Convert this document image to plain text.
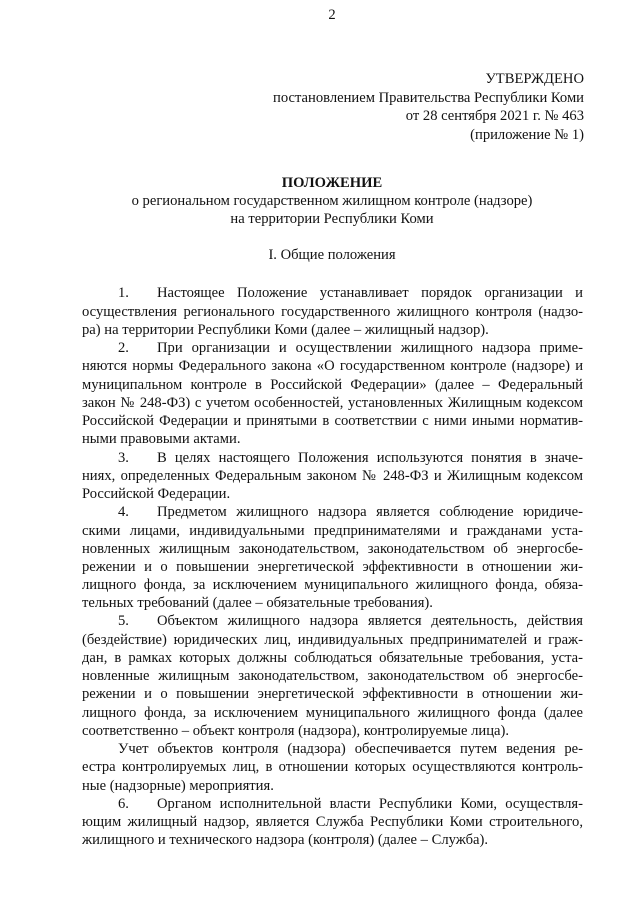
2
УТВЕРЖДЕНО
постановлением Правительства Республики Коми
от 28 сентября 2021 г. № 463
(приложение № 1)
ПОЛОЖЕНИЕ
о региональном государственном жилищном контроле (надзоре)
на территории Республики Коми
I. Общие положения
1. Настоящее Положение устанавливает порядок организации и
осуществления регионального государственного жилищного контроля (надзо-
ра) на территории Республики Коми (далее – жилищный надзор).
2. При организации и осуществлении жилищного надзора приме-
няются нормы Федерального закона «О государственном контроле (надзоре) и
муниципальном контроле в Российской Федерации» (далее – Федеральный
закон № 248-ФЗ) с учетом особенностей, установленных Жилищным кодексом
Российской Федерации и принятыми в соответствии с ними иными норматив-
ными правовыми актами.
3. В целях настоящего Положения используются понятия в значе-
ниях, определенных Федеральным законом № 248-ФЗ и Жилищным кодексом
Российской Федерации.
4. Предметом жилищного надзора является соблюдение юридиче-
скими лицами, индивидуальными предпринимателями и гражданами уста-
новленных жилищным законодательством, законодательством об энергосбе-
режении и о повышении энергетической эффективности в отношении жи-
лищного фонда, за исключением муниципального жилищного фонда, обяза-
тельных требований (далее – обязательные требования).
5. Объектом жилищного надзора является деятельность, действия
(бездействие) юридических лиц, индивидуальных предпринимателей и граж-
дан, в рамках которых должны соблюдаться обязательные требования, уста-
новленные жилищным законодательством, законодательством об энергосбе-
режении и о повышении энергетической эффективности в отношении жи-
лищного фонда, за исключением муниципального жилищного фонда (далее
соответственно – объект контроля (надзора), контролируемые лица).
Учет объектов контроля (надзора) обеспечивается путем ведения ре-
естра контролируемых лиц, в отношении которых осуществляются контроль-
ные (надзорные) мероприятия.
6. Органом исполнительной власти Республики Коми, осуществля-
ющим жилищный надзор, является Служба Республики Коми строительного,
жилищного и технического надзора (контроля) (далее – Служба).
